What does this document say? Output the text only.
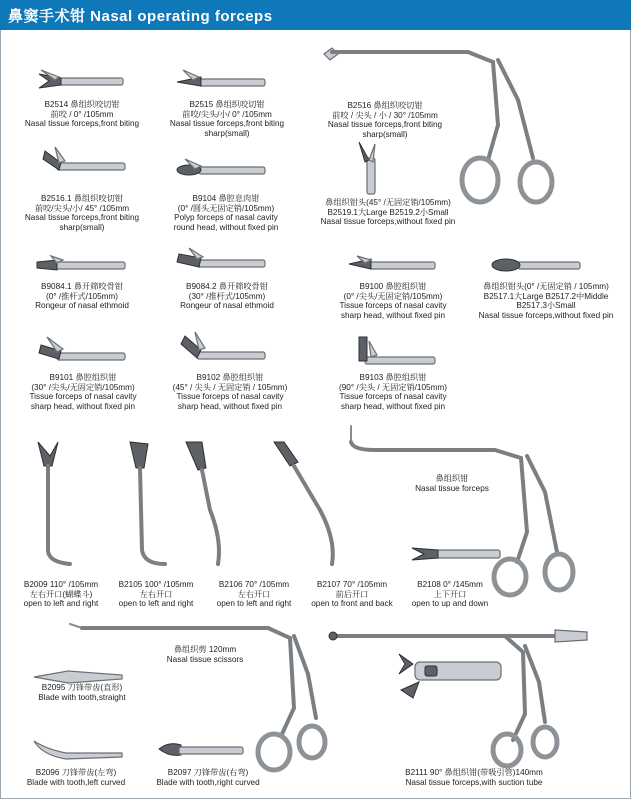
鼻窦手术钳 Nasal operating forceps
B2514 鼻组织咬切钳
前咬 / 0° /105mm
Nasal tissue forceps,front biting
B2515 鼻组织咬切钳
前咬/尖头/小/ 0° /105mm
Nasal tissue forceps,front biting
sharp(small)
B2516 鼻组织咬切钳
前咬 / 尖头 / 小 / 30° /105mm
Nasal tissue forceps,front biting
sharp(small)
B2516.1 鼻组织咬切钳
前咬/尖头/小/ 45° /105mm
Nasal tissue forceps,front biting
sharp(small)
B9104 鼻腔息肉钳
(0° /圆头无固定销/105mm)
Polyp forceps of nasal cavity
round head, without fixed pin
鼻组织钳头(45° /无固定销/105mm)
B2519.1大Large B2519.2小Small
Nasal tissue forceps,without fixed pin
B9084.1 鼻开筛咬骨钳
(0° /推杆式/105mm)
Rongeur of nasal ethmoid
B9084.2 鼻开筛咬骨钳
(30° /推杆式/105mm)
Rongeur of nasal ethmoid
B9100 鼻腔组织钳
(0° /尖头/无固定销/105mm)
Tissue forceps of nasal cavity
sharp head, without fixed pin
鼻组织钳头(0° /无固定销 / 105mm)
B2517.1大Large B2517.2中Middle
B2517.3小Small
Nasal tissue forceps,without fixed pin
B9101 鼻腔组织钳
(30° /尖头/无固定销/105mm)
Tissue forceps of nasal cavity
sharp head, without fixed pin
B9102 鼻腔组织钳
(45° / 尖头 / 无固定销 / 105mm)
Tissue forceps of nasal cavity
sharp head, without fixed pin
B9103 鼻腔组织钳
(90° /尖头 / 无固定销/105mm)
Tissue forceps of nasal cavity
sharp head, without fixed pin
B2009 110° /105mm
左右开口(蝴蝶斗)
open to left and right
B2105 100° /105mm
左右开口
open to left and right
B2106 70° /105mm
左右开口
open to left and right
B2107 70° /105mm
前后开口
open to front and back
B2108 0° /145mm
上下开口
open to up and down
鼻组织钳
Nasal tissue forceps
鼻组织剪 120mm
Nasal tissue scissors
B2095 刀锋带齿(直形)
Blade with tooth,straight
B2096 刀锋带齿(左弯)
Blade with tooth,left curved
B2097 刀锋带齿(右弯)
Blade with tooth,right curved
B2111 90° 鼻组织钳(带吸引管)140mm
Nasal tissue forceps,with suction tube
